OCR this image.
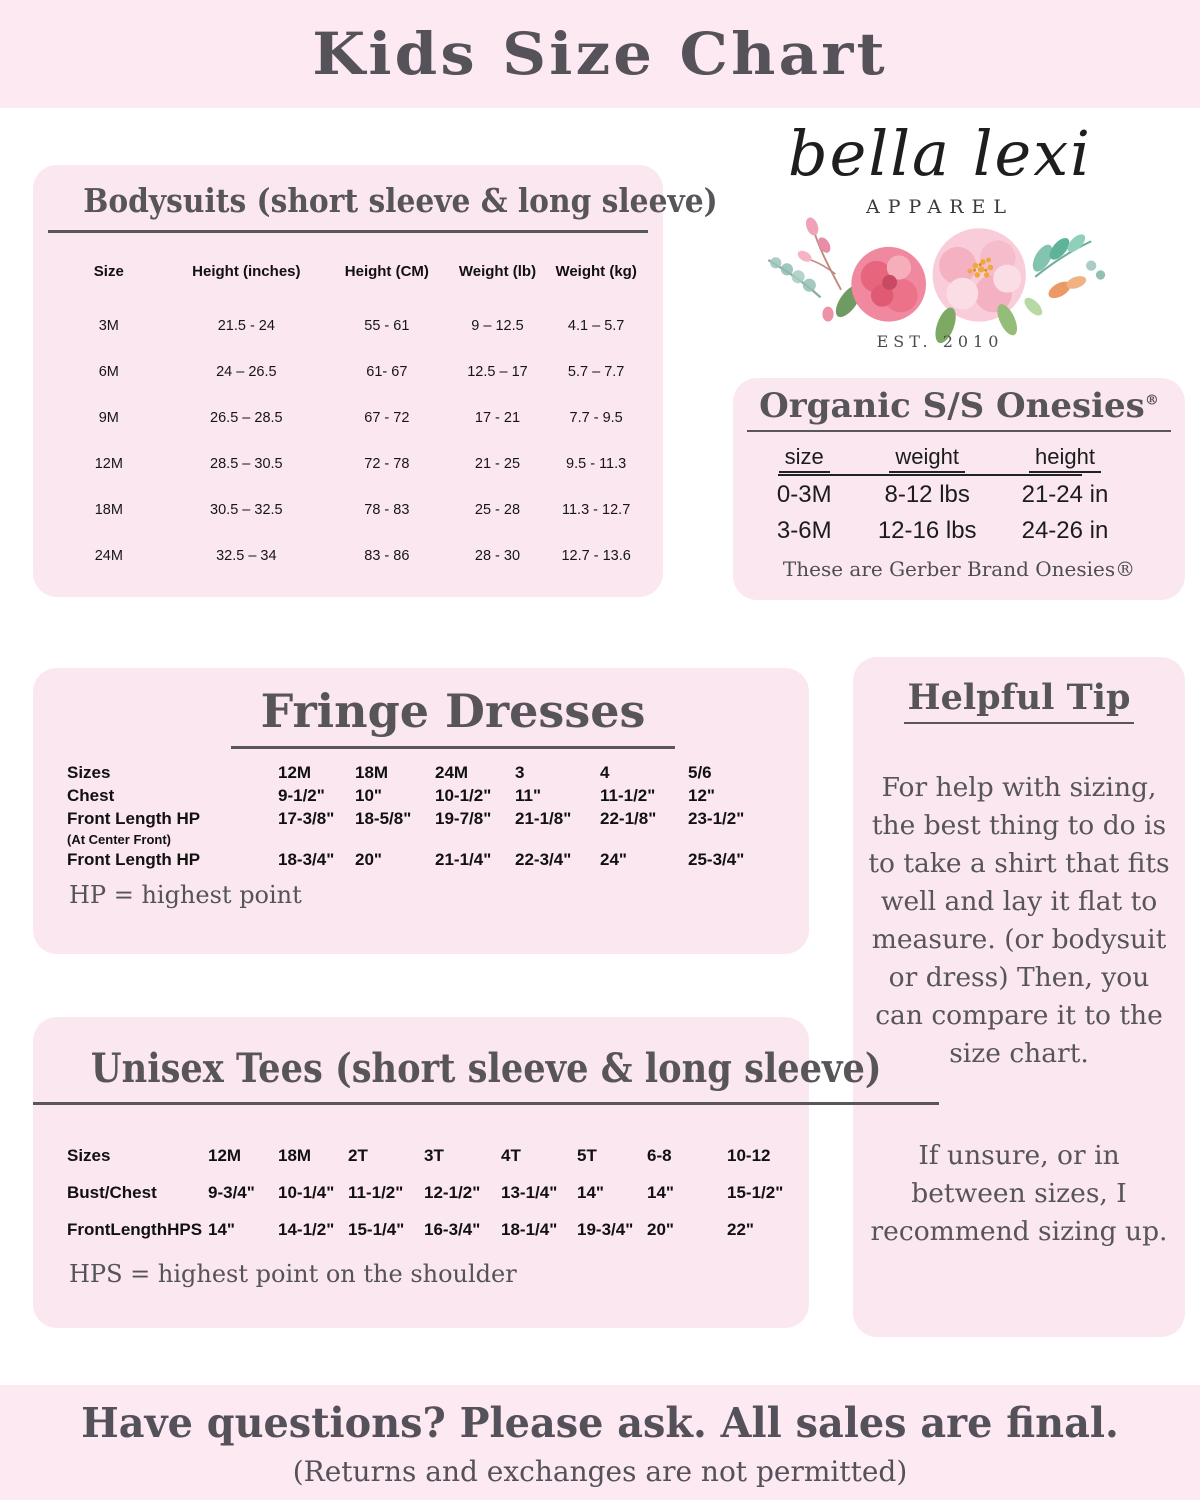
Kids Size Chart
Bodysuits (short sleeve & long sleeve)
Size	Height (inches)	Height (CM)	Weight (lb)	Weight (kg)
3M	21.5 - 24	55 - 61	9 – 12.5	4.1 – 5.7
6M	24 – 26.5	61- 67	12.5 – 17	5.7 – 7.7
9M	26.5 – 28.5	67 - 72	17 - 21	7.7 - 9.5
12M	28.5 – 30.5	72 - 78	21 - 25	9.5 - 11.3
18M	30.5 – 32.5	78 - 83	25 - 28	11.3 - 12.7
24M	32.5 – 34	83 - 86	28 - 30	12.7 - 13.6
bella lexi
APPAREL
EST. 2010
Organic S/S Onesies®
size	weight	height
0-3M	8-12 lbs	21-24 in
3-6M	12-16 lbs	24-26 in
These are Gerber Brand Onesies®
Fringe Dresses
Sizes	12M	18M	24M	3	4	5/6
Chest	9-1/2"	10"	10-1/2"	11"	11-1/2"	12"
Front Length HP	17-3/8"	18-5/8"	19-7/8"	21-1/8"	22-1/8"	23-1/2"
(At Center Front)
Front Length HP	18-3/4"	20"	21-1/4"	22-3/4"	24"	25-3/4"
HP = highest point
Helpful Tip

For help with sizing, the best thing to do is to take a shirt that fits well and lay it flat to measure. (or bodysuit or dress) Then, you can compare it to the size chart.

If unsure, or in between sizes, I recommend sizing up.

Unisex Tees (short sleeve & long sleeve)
Sizes	12M	18M	2T	3T	4T	5T	6-8	10-12
Bust/Chest	9-3/4"	10-1/4" 11-1/2"	12-1/2"	13-1/4"	14"	14"	15-1/2"
FrontLengthHPS 14"	14-1/2" 15-1/4"	16-3/4"	18-1/4"	19-3/4" 20"	22"
HPS = highest point on the shoulder
Have questions? Please ask. All sales are final.
(Returns and exchanges are not permitted)
